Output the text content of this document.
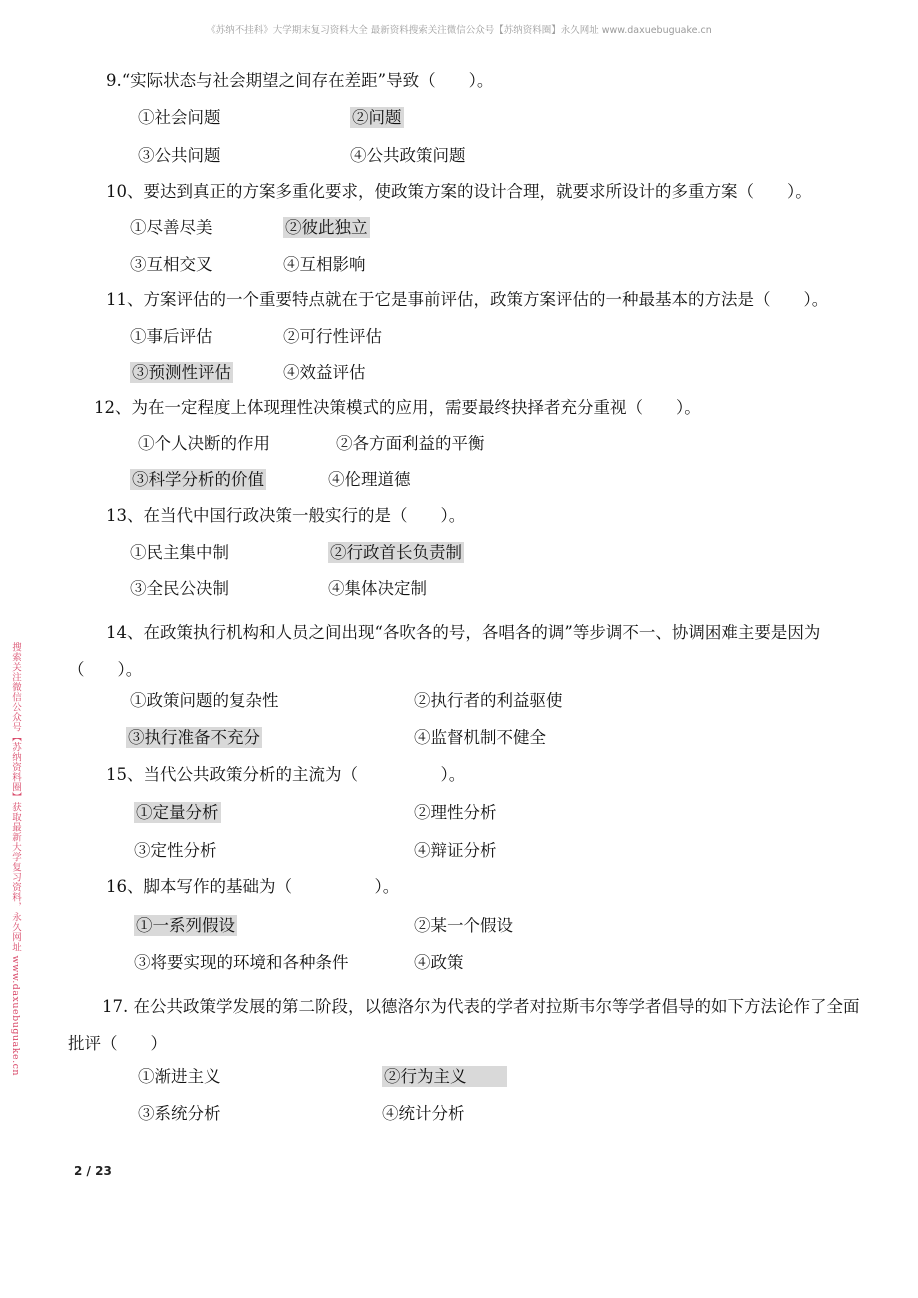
《苏纳不挂科》大学期末复习资料大全 最新资料搜索关注微信公众号【苏纳资料圈】永久网址 www.daxuebuguake.cn
搜索关注微信公众号【苏纳资料圈】获取最新大学复习资料，永久网址 www.daxuebuguake.cn
9.“实际状态与社会期望之间存在差距”导致（　　）。
①社会问题	②问题
③公共问题	④公共政策问题
10、要达到真正的方案多重化要求，使政策方案的设计合理，就要求所设计的多重方案（　　）。
①尽善尽美	②彼此独立
③互相交叉	④互相影响
11、方案评估的一个重要特点就在于它是事前评估，政策方案评估的一种最基本的方法是（　　）。
①事后评估	②可行性评估
③预测性评估	④效益评估
12、为在一定程度上体现理性决策模式的应用，需要最终抉择者充分重视（　　）。
①个人决断的作用	②各方面利益的平衡
③科学分析的价值	④伦理道德
13、在当代中国行政决策一般实行的是（　　）。
①民主集中制	②行政首长负责制
③全民公决制	④集体决定制
14、在政策执行机构和人员之间出现“各吹各的号，各唱各的调”等步调不一、协调困难主要是因为（　　）。
①政策问题的复杂性	②执行者的利益驱使
③执行准备不充分	④监督机制不健全
15、当代公共政策分析的主流为（　　　　　）。
①定量分析	②理性分析
③定性分析	④辩证分析
16、脚本写作的基础为（　　　　　）。
①一系列假设	②某一个假设
③将要实现的环境和各种条件	④政策
17. 在公共政策学发展的第二阶段，以德洛尔为代表的学者对拉斯韦尔等学者倡导的如下方法论作了全面批评（　　）
①渐进主义	②行为主义
③系统分析	④统计分析
2 / 23
